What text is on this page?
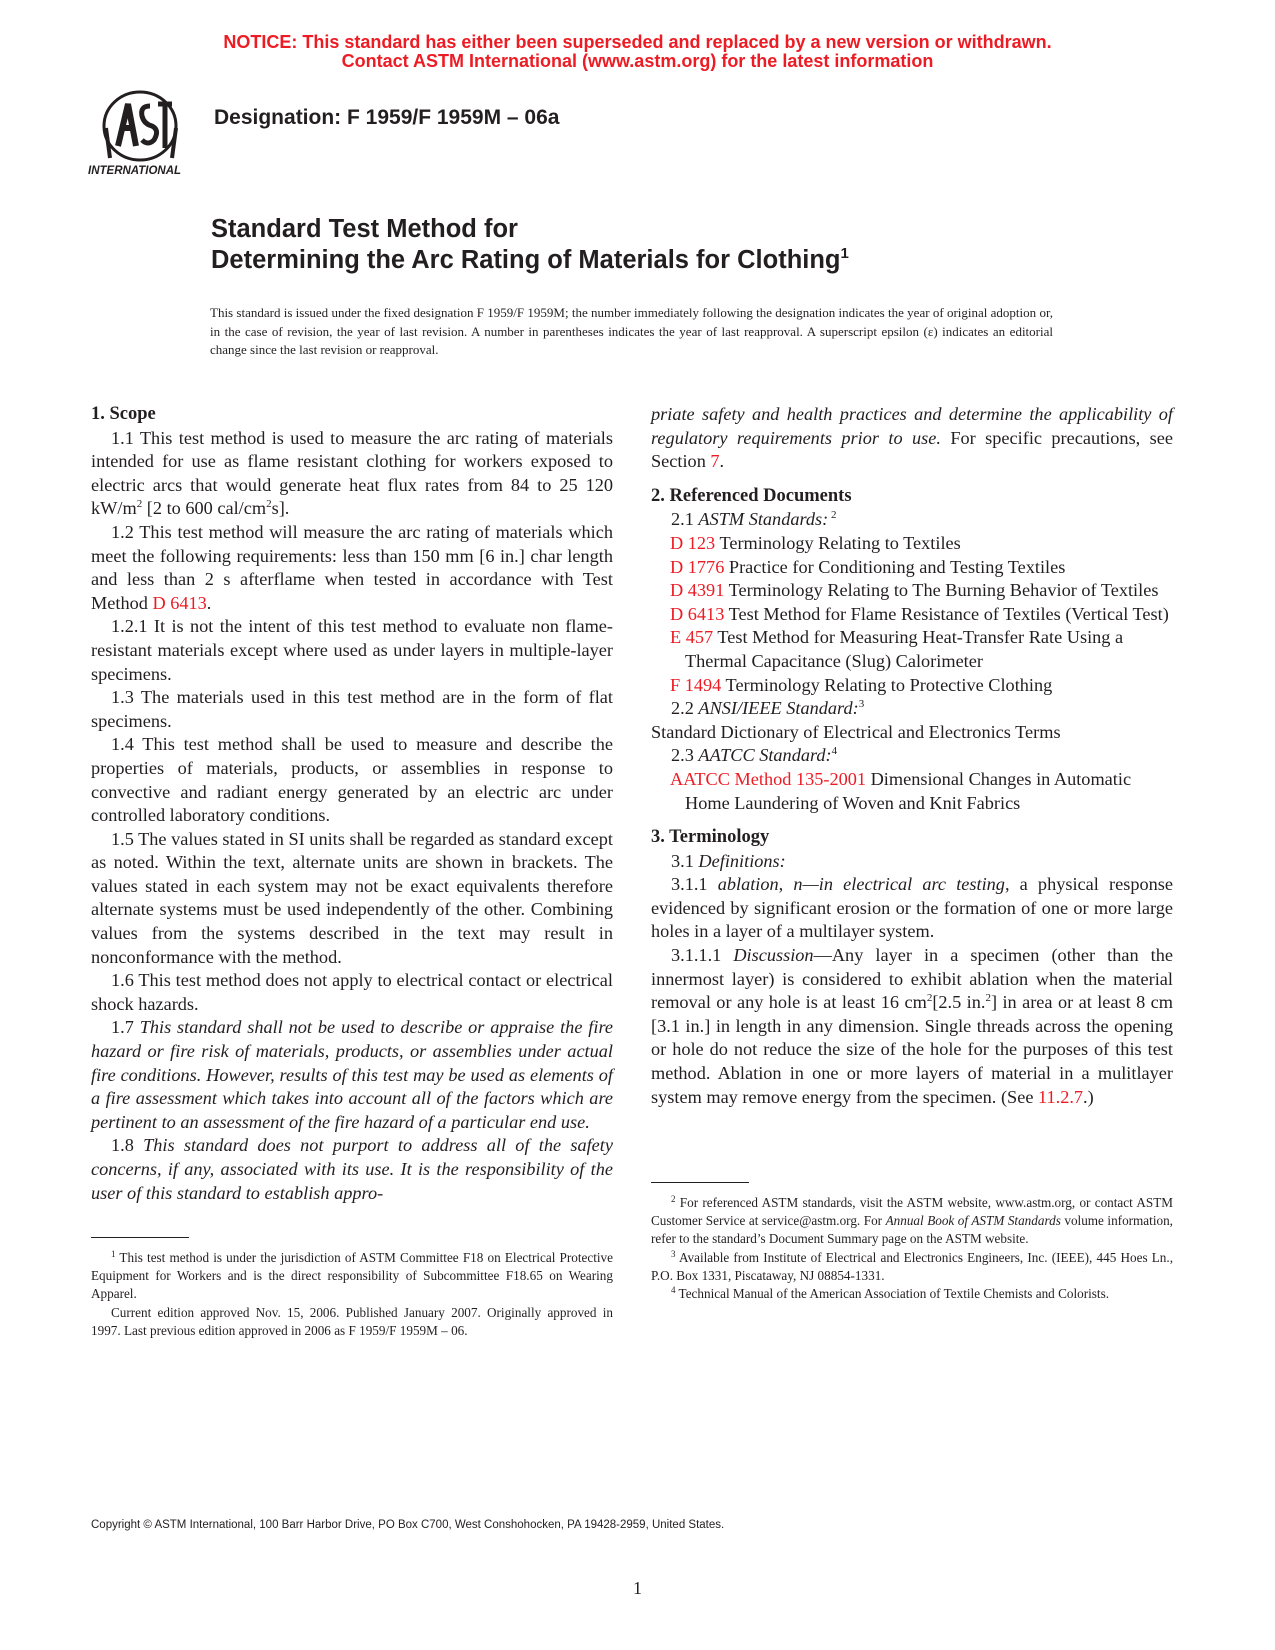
NOTICE: This standard has either been superseded and replaced by a new version or withdrawn.
Contact ASTM International (www.astm.org) for the latest information
INTERNATIONAL
Designation: F 1959/F 1959M – 06a
Standard Test Method for
Determining the Arc Rating of Materials for Clothing$^1$
This standard is issued under the fixed designation F 1959/F 1959M; the number immediately following the designation indicates the year of original adoption or, in the case of revision, the year of last revision. A number in parentheses indicates the year of last reapproval. A superscript epsilon (ε) indicates an editorial change since the last revision or reapproval.
1. Scope

1.1 This test method is used to measure the arc rating of materials intended for use as flame resistant clothing for workers exposed to electric arcs that would generate heat flux rates from 84 to 25 120 $kW/m^2$ [2 to 600 cal/$cm^2s$].

1.2 This test method will measure the arc rating of materials which meet the following requirements: less than 150 mm [6 in.] char length and less than 2 s afterflame when tested in accordance with Test Method D 6413.

1.2.1 It is not the intent of this test method to evaluate non flame-resistant materials except where used as under layers in multiple-layer specimens.

1.3 The materials used in this test method are in the form of flat specimens.

1.4 This test method shall be used to measure and describe the properties of materials, products, or assemblies in response to convective and radiant energy generated by an electric arc under controlled laboratory conditions.

1.5 The values stated in SI units shall be regarded as standard except as noted. Within the text, alternate units are shown in brackets. The values stated in each system may not be exact equivalents therefore alternate systems must be used independently of the other. Combining values from the systems described in the text may result in nonconformance with the method.

1.6 This test method does not apply to electrical contact or electrical shock hazards.

1.7 This standard shall not be used to describe or appraise the fire hazard or fire risk of materials, products, or assemblies under actual fire conditions. However, results of this test may be used as elements of a fire assessment which takes into account all of the factors which are pertinent to an assessment of the fire hazard of a particular end use.

1.8 This standard does not purport to address all of the safety concerns, if any, associated with its use. It is the responsibility of the user of this standard to establish appro-

$^1$ This test method is under the jurisdiction of ASTM Committee F18 on Electrical Protective Equipment for Workers and is the direct responsibility of Subcommittee F18.65 on Wearing Apparel.

Current edition approved Nov. 15, 2006. Published January 2007. Originally approved in 1997. Last previous edition approved in 2006 as F 1959/F 1959M – 06.

priate safety and health practices and determine the applicability of regulatory requirements prior to use. For specific precautions, see Section 7.

2. Referenced Documents

2.1 ASTM Standards: $^2$

D 123 Terminology Relating to Textiles
D 1776 Practice for Conditioning and Testing Textiles
D 4391 Terminology Relating to The Burning Behavior of Textiles
D 6413 Test Method for Flame Resistance of Textiles (Vertical Test)
E 457 Test Method for Measuring Heat-Transfer Rate Using a Thermal Capacitance (Slug) Calorimeter
F 1494 Terminology Relating to Protective Clothing

2.2 ANSI/IEEE Standard:$^3$

Standard Dictionary of Electrical and Electronics Terms

2.3 AATCC Standard:$^4$

AATCC Method 135-2001 Dimensional Changes in Automatic Home Laundering of Woven and Knit Fabrics
3. Terminology

3.1 Definitions:

3.1.1 ablation, n—in electrical arc testing, a physical response evidenced by significant erosion or the formation of one or more large holes in a layer of a multilayer system.

3.1.1.1 Discussion—Any layer in a specimen (other than the innermost layer) is considered to exhibit ablation when the material removal or any hole is at least 16 $cm^2[2.5$ in.$^2$] in area or at least 8 cm [3.1 in.] in length in any dimension. Single threads across the opening or hole do not reduce the size of the hole for the purposes of this test method. Ablation in one or more layers of material in a mulitlayer system may remove energy from the specimen. (See 11.2.7.)

$^2$ For referenced ASTM standards, visit the ASTM website, www.astm.org, or contact ASTM Customer Service at service@astm.org. For Annual Book of ASTM Standards volume information, refer to the standard’s Document Summary page on the ASTM website.

$^3$ Available from Institute of Electrical and Electronics Engineers, Inc. (IEEE), 445 Hoes Ln., P.O. Box 1331, Piscataway, NJ 08854-1331.

$^4$ Technical Manual of the American Association of Textile Chemists and Colorists.

Copyright © ASTM International, 100 Barr Harbor Drive, PO Box C700, West Conshohocken, PA 19428-2959, United States.
1
